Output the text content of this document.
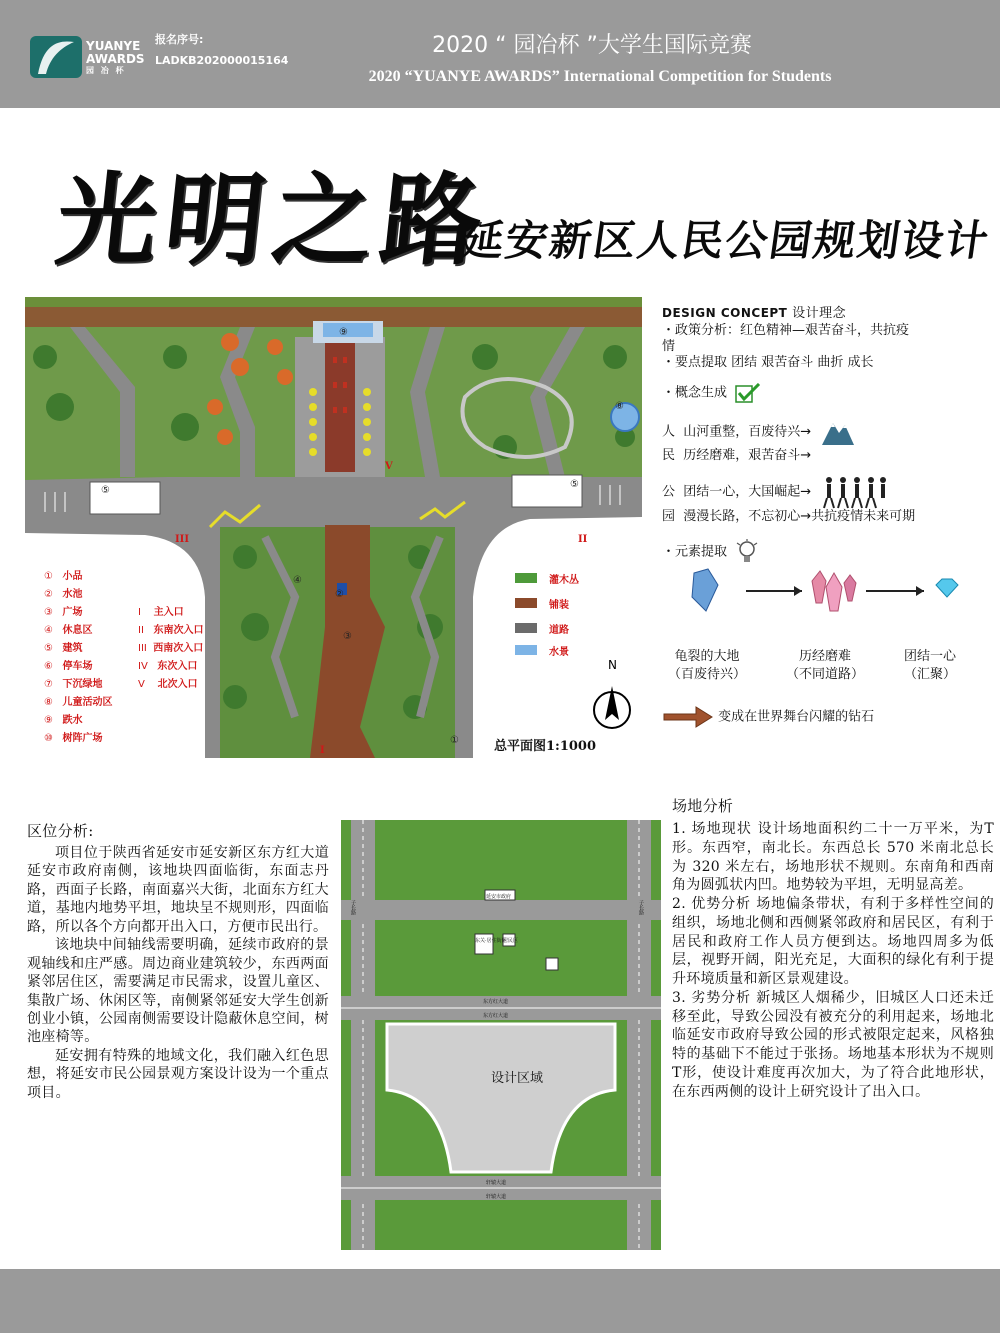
YUANYE
AWARDS
园 冶 杯
报名序号:
LADKB202000015164
2020 “ 园冶杯 ”大学生国际竞赛
2020 “YUANYE AWARDS” International Competition for Students
光明之路
—延安新区人民公园规划设计
III	II
I
V
⑨
⑤
⑤
④
③
①
⑧
②
① 小品
② 水池
③ 广场
④ 休息区
⑤ 建筑
⑥ 停车场
⑦ 下沉绿地
⑧ 儿童活动区
⑨ 跌水
⑩ 树阵广场
I 主入口
II 东南次入口
III 西南次入口
IV 东次入口
V 北次入口
灌木丛
铺装
道路
水景
N
总平面图1:1000
DESIGN CONCEPT 设计理念
・政策分析：红色精神—艰苦奋斗，共抗疫
情
・要点提取 团结 艰苦奋斗 曲折 成长
・概念生成
人 山河重整，百废待兴→
民 历经磨难，艰苦奋斗→
公 团结一心，大国崛起→
园 漫漫长路，不忘初心→共抗疫情未来可期
・元素提取
龟裂的大地
（百废待兴）
历经磨难
（不同道路）
团结一心
（汇聚）
变成在世界舞台闪耀的钻石
区位分析:

项目位于陕西省延安市延安新区东方红大道延安市政府南侧，该地块四面临街，东面志丹路，西面子长路，南面嘉兴大街，北面东方红大道，基地内地势平坦，地块呈不规则形，四面临路，所以各个方向都开出入口，方便市民出行。

该地块中间轴线需要明确，延续市政府的景观轴线和庄严感。周边商业建筑较少，东西两面紧邻居住区，需要满足市民需求，设置儿童区、集散广场、休闲区等，南侧紧邻延安大学生创新创业小镇，公园南侧需要设计隐蔽休息空间，树池座椅等。

延安拥有特殊的地域文化，我们融入红色思想，将延安市民公园景观方案设计设为一个重点项目。

延安市政府
东关·居住街区
居民区
东方红大道
东方红大道
轩辕大道
轩辕大道
子长路	子长路
设计区域
场地分析
1. 场地现状 设计场地面积约二十一万平米，为T形。东西窄，南北长。东西总长 570 米南北总长为 320 米左右，场地形状不规则。东南角和西南角为圆弧状内凹。地势较为平坦，无明显高差。
2. 优势分析 场地偏条带状，有利于多样性空间的组织，场地北侧和西侧紧邻政府和居民区，有利于居民和政府工作人员方便到达。场地四周多为低层，视野开阔，阳光充足，大面积的绿化有利于提升环境质量和新区景观建设。
3. 劣势分析 新城区人烟稀少，旧城区人口还未迁移至此，导致公园没有被充分的利用起来，场地北临延安市政府导致公园的形式被限定起来，风格独特的基础下不能过于张扬。场地基本形状为不规则T形，使设计难度再次加大，为了符合此地形状，在东西两侧的设计上研究设计了出入口。
